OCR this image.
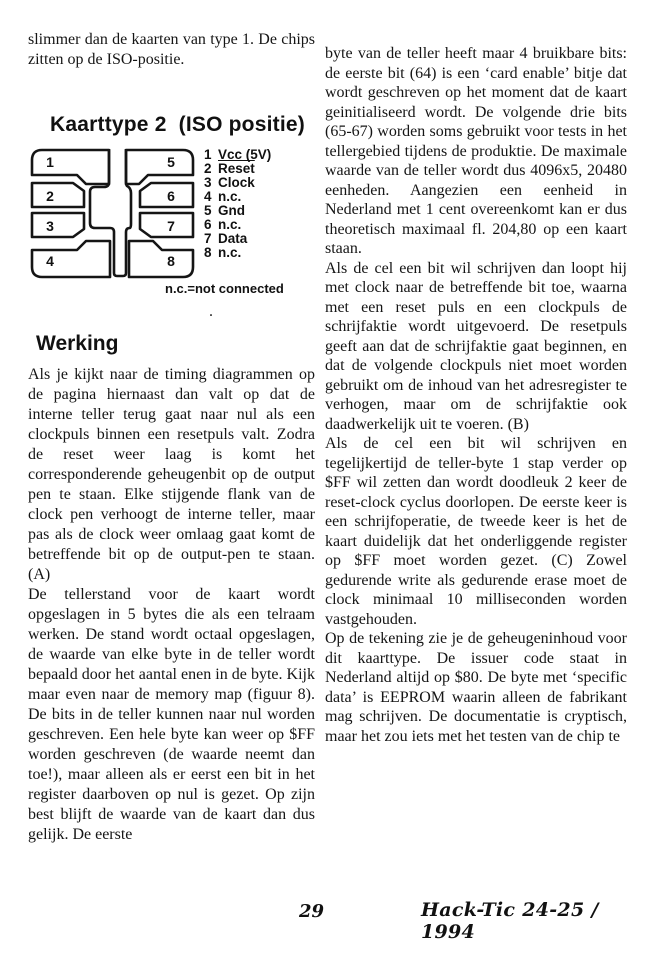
slimmer dan de kaarten van type 1. De chips zitten op de ISO-positie.

Kaarttype 2  (ISO positie)
1
2
3
4
5
6
7
8
1 Vcc (5V)
2 Reset
3 Clock
4 n.c.
5 Gnd
6 n.c.
7 Data
8 n.c.
n.c.=not connected
Werking

Als je kijkt naar de timing diagrammen op de pagina hiernaast dan valt op dat de interne teller terug gaat naar nul als een clockpuls binnen een resetpuls valt. Zodra de reset weer laag is komt het corresponderende geheugenbit op de output pen te staan. Elke stijgende flank van de clock pen verhoogt de interne teller, maar pas als de clock weer omlaag gaat komt de betreffende bit op de output-pen te staan. (A)

De tellerstand voor de kaart wordt opgeslagen in 5 bytes die als een telraam werken. De stand wordt octaal opgeslagen, de waarde van elke byte in de teller wordt bepaald door het aantal enen in de byte. Kijk maar even naar de memory map (figuur 8). De bits in de teller kunnen naar nul worden geschreven. Een hele byte kan weer op $FF worden geschreven (de waarde neemt dan toe!), maar alleen als er eerst een bit in het register daarboven op nul is gezet. Op zijn best blijft de waarde van de kaart dan dus gelijk. De eerste

byte van de teller heeft maar 4 bruikbare bits: de eerste bit (64) is een ‘card enable’ bitje dat wordt geschreven op het moment dat de kaart geinitialiseerd wordt. De volgende drie bits (65-67) worden soms gebruikt voor tests in het tellergebied tijdens de produktie. De maximale waarde van de teller wordt dus 4096x5, 20480 eenheden. Aangezien een eenheid in Nederland met 1 cent overeenkomt kan er dus theoretisch maximaal fl. 204,80 op een kaart staan.

Als de cel een bit wil schrijven dan loopt hij met clock naar de betreffende bit toe, waarna met een reset puls en een clockpuls de schrijfaktie wordt uitgevoerd. De resetpuls geeft aan dat de schrijfaktie gaat beginnen, en dat de volgende clockpuls niet moet worden gebruikt om de inhoud van het adresregister te verhogen, maar om de schrijfaktie ook daadwerkelijk uit te voeren. (B)

Als de cel een bit wil schrijven en tegelijkertijd de teller-byte 1 stap verder op $FF wil zetten dan wordt doodleuk 2 keer de reset-clock cyclus doorlopen. De eerste keer is een schrijfoperatie, de tweede keer is het de kaart duidelijk dat het onderliggende register op $FF moet worden gezet. (C) Zowel gedurende write als gedurende erase moet de clock minimaal 10 milliseconden worden vastgehouden.

Op de tekening zie je de geheugeninhoud voor dit kaarttype. De issuer code staat in Nederland altijd op $80. De byte met ‘specific data’ is EEPROM waarin alleen de fabrikant mag schrijven. De documentatie is cryptisch, maar het zou iets met het testen van de chip te

.
29	Hack-Tic 24-25 / 1994
